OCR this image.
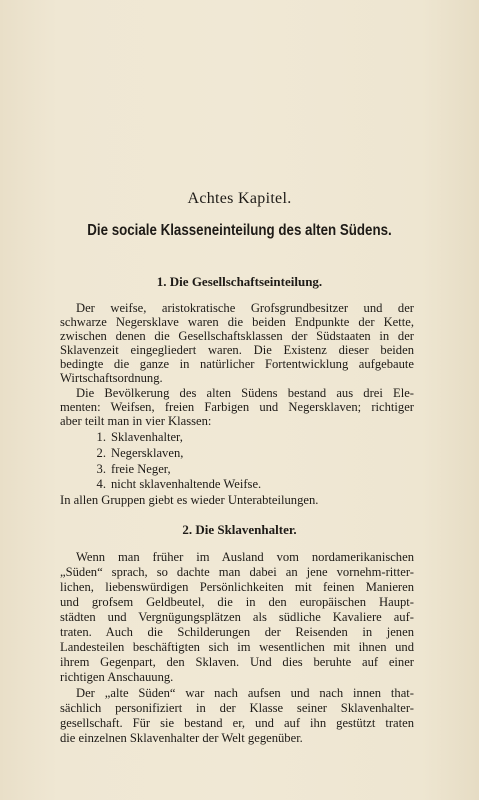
Achtes Kapitel.
Die sociale Klasseneinteilung des alten Südens.
1. Die Gesellschaftseinteilung.
Der weifse, aristokratische Grofsgrundbesitzer und der
schwarze Negersklave waren die beiden Endpunkte der Kette,
zwischen denen die Gesellschaftsklassen der Südstaaten in der
Sklavenzeit eingegliedert waren. Die Existenz dieser beiden
bedingte die ganze in natürlicher Fortentwicklung aufgebaute
Wirtschaftsordnung.
Die Bevölkerung des alten Südens bestand aus drei Ele-
menten: Weifsen, freien Farbigen und Negersklaven; richtiger
aber teilt man in vier Klassen:
1. Sklavenhalter,
2. Negersklaven,
3. freie Neger,
4. nicht sklavenhaltende Weifse.
In allen Gruppen giebt es wieder Unterabteilungen.
2. Die Sklavenhalter.
Wenn man früher im Ausland vom nordamerikanischen
„Süden“ sprach, so dachte man dabei an jene vornehm-ritter-
lichen, liebenswürdigen Persönlichkeiten mit feinen Manieren
und grofsem Geldbeutel, die in den europäischen Haupt-
städten und Vergnügungsplätzen als südliche Kavaliere auf-
traten. Auch die Schilderungen der Reisenden in jenen
Landesteilen beschäftigten sich im wesentlichen mit ihnen und
ihrem Gegenpart, den Sklaven. Und dies beruhte auf einer
richtigen Anschauung.
Der „alte Süden“ war nach aufsen und nach innen that-
sächlich personifiziert in der Klasse seiner Sklavenhalter-
gesellschaft. Für sie bestand er, und auf ihn gestützt traten
die einzelnen Sklavenhalter der Welt gegenüber.
